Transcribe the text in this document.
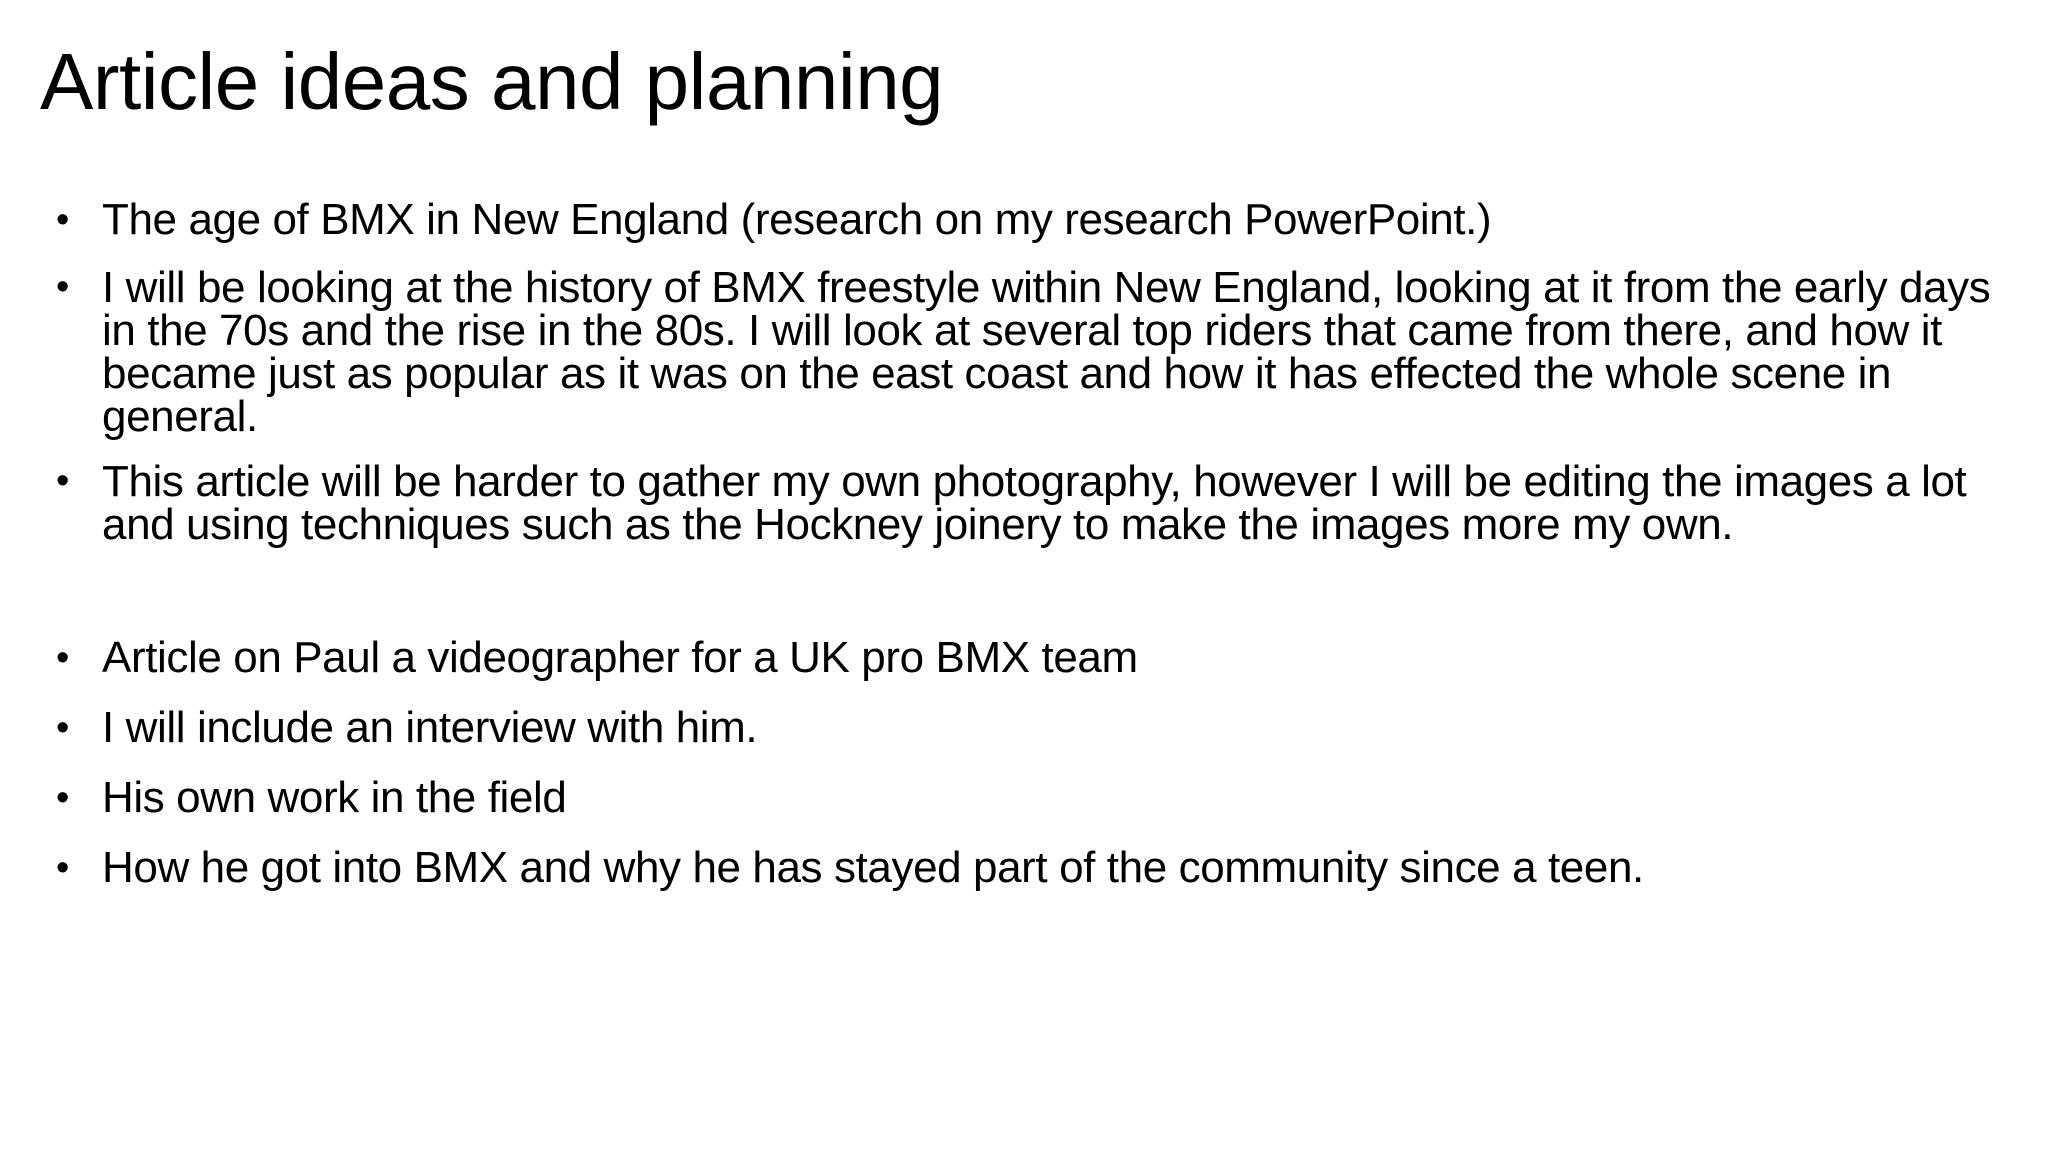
Article ideas and planning
• The age of BMX in New England (research on my research PowerPoint.)
• I will be looking at the history of BMX freestyle within New England, looking at it from the early days in the 70s and the rise in the 80s. I will look at several top riders that came from there, and how it became just as popular as it was on the east coast and how it has effected the whole scene in general.
• This article will be harder to gather my own photography, however I will be editing the images a lot and using techniques such as the Hockney joinery to make the images more my own.
• Article on Paul a videographer for a UK pro BMX team
• I will include an interview with him.
• His own work in the field
• How he got into BMX and why he has stayed part of the community since a teen.
